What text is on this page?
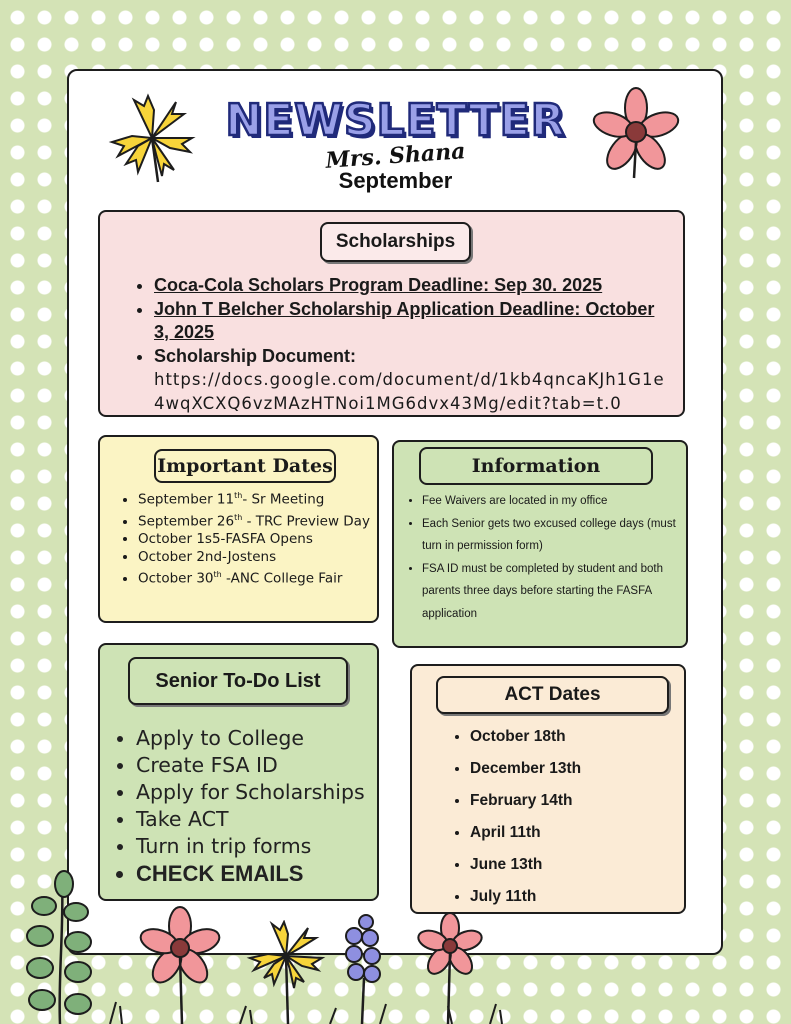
NEWSLETTER
Mrs. Shana
September
Scholarships
• Coca-Cola Scholars Program Deadline: Sep 30. 2025
• John T Belcher Scholarship Application Deadline: October 3, 2025
• Scholarship Document:
https://docs.google.com/document/d/1kb4qncaKJh1G1e4wqXCXQ6vzMAzHTNoi1MG6dvx43Mg/edit?tab=t.0
Important Dates
• September 11th- Sr Meeting
• September 26th - TRC Preview Day
• October 1s5-FASFA Opens
• October 2nd-Jostens
• October 30th -ANC College Fair
Information
• Fee Waivers are located in my office
• Each Senior gets two excused college days (must turn in permission form)
• FSA ID must be completed by student and both parents three days before starting the FASFA application
Senior To-Do List
• Apply to College
• Create FSA ID
• Apply for Scholarships
• Take ACT
• Turn in trip forms
• CHECK EMAILS
ACT Dates
• October 18th
• December 13th
• February 14th
• April 11th
• June 13th
• July 11th
